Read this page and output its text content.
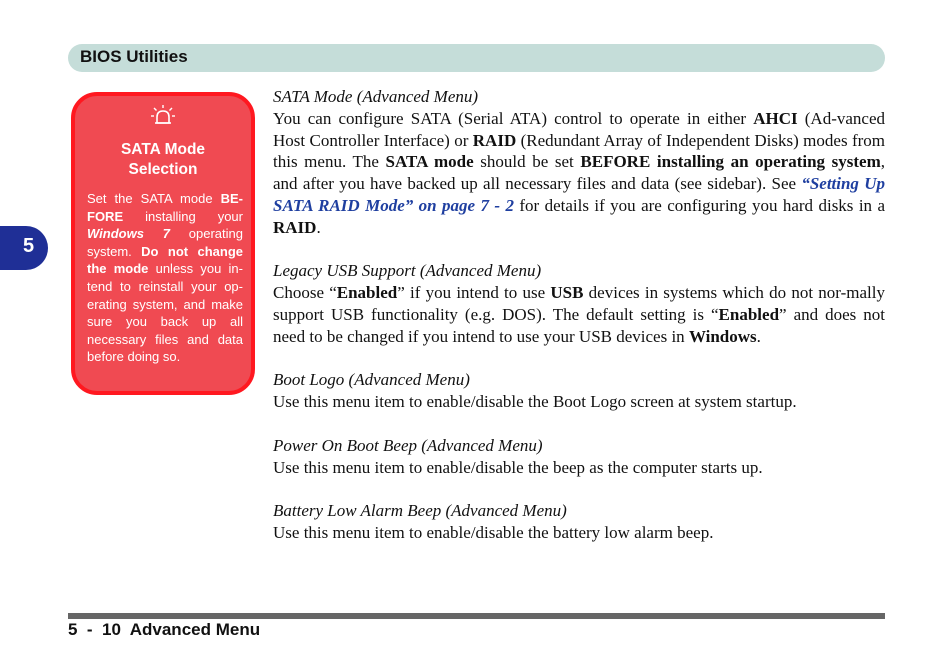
BIOS Utilities
5
SATA Mode
Selection
Set the SATA mode BE-FORE installing your Windows 7 operating system. Do not change the mode unless you in-tend to reinstall your op-erating system, and make sure you back up all necessary files and data before doing so.
SATA Mode (Advanced Menu)
You can configure SATA (Serial ATA) control to operate in either AHCI (Ad-vanced Host Controller Interface) or RAID (Redundant Array of Independent Disks) modes from this menu. The SATA mode should be set BEFORE installing an operating system, and after you have backed up all necessary files and data (see sidebar). See “Setting Up SATA RAID Mode” on page 7 - 2 for details if you are configuring you hard disks in a RAID.
Legacy USB Support (Advanced Menu)
Choose “Enabled” if you intend to use USB devices in systems which do not nor-mally support USB functionality (e.g. DOS). The default setting is “Enabled” and does not need to be changed if you intend to use your USB devices in Windows.
Boot Logo (Advanced Menu)
Use this menu item to enable/disable the Boot Logo screen at system startup.
Power On Boot Beep (Advanced Menu)
Use this menu item to enable/disable the beep as the computer starts up.
Battery Low Alarm Beep (Advanced Menu)
Use this menu item to enable/disable the battery low alarm beep.
5  -  10  Advanced Menu
